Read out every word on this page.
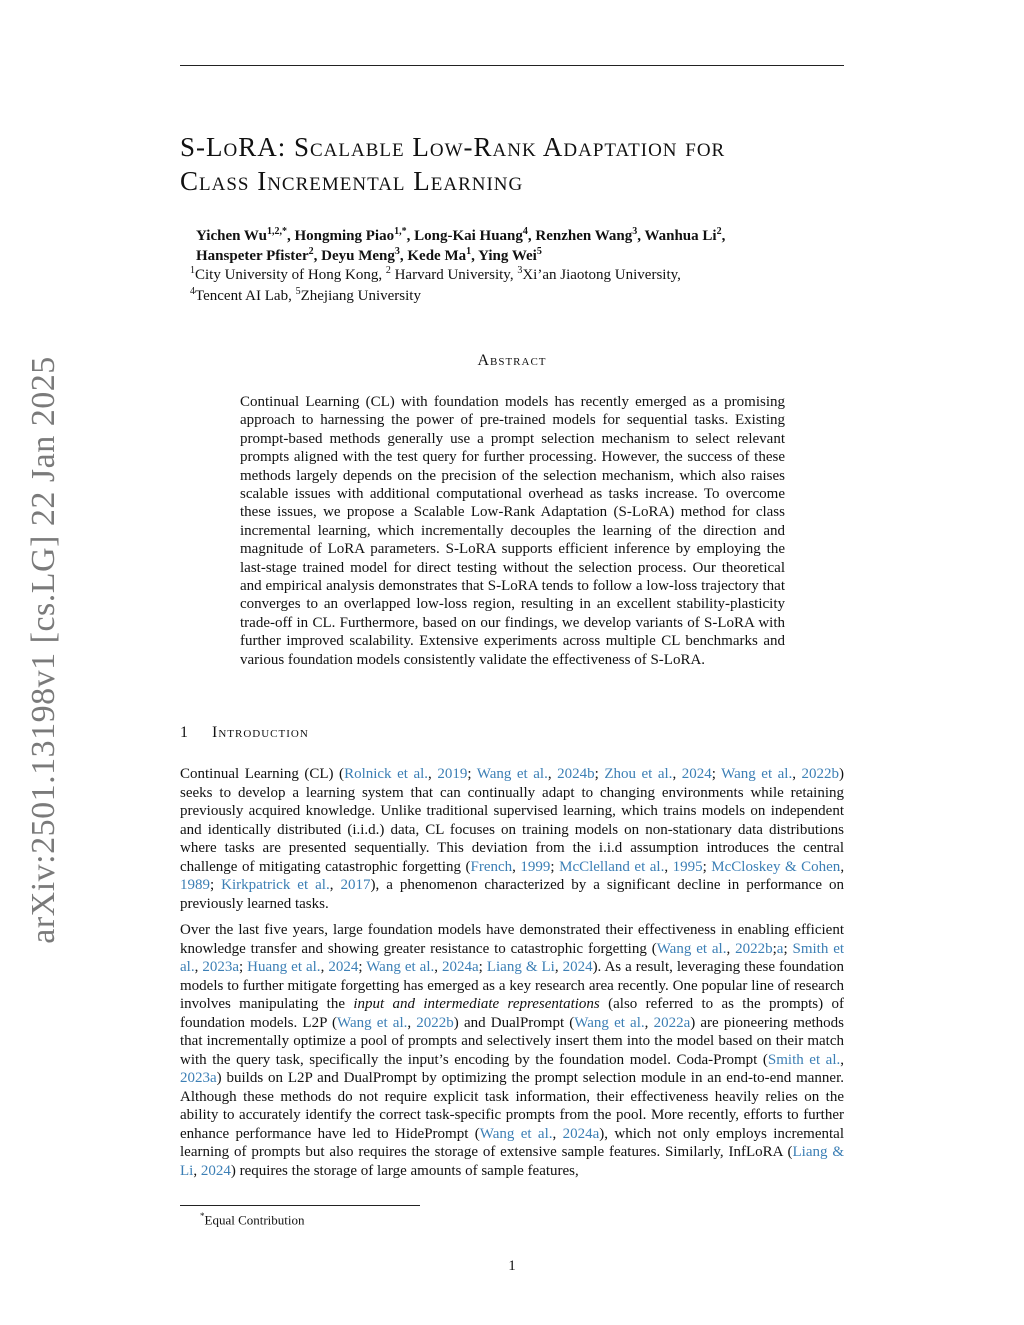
arXiv:2501.13198v1 [cs.LG] 22 Jan 2025
S-LoRA: Scalable Low-Rank Adaptation for
Class Incremental Learning
Yichen $Wu^{1,2,*}$, Hongming Piao$^{1,*}$, Long-Kai Huang$^4$, Renzhen Wang$^3$, Wanhua Li$^2$,
Hanspeter Pfister$^2$, Deyu Meng$^3$, Kede Ma$^1$, Ying Wei$^5$
$^1$City University of Hong Kong, $^2$ Harvard University, $^3$Xi’an Jiaotong University,
$^4$Tencent AI Lab, $^5$Zhejiang University
Abstract
Continual Learning (CL) with foundation models has recently emerged as a promising approach to harnessing the power of pre-trained models for sequential tasks. Existing prompt-based methods generally use a prompt selection mechanism to select relevant prompts aligned with the test query for further processing. However, the success of these methods largely depends on the precision of the selection mechanism, which also raises scalable issues with additional computational overhead as tasks increase. To overcome these issues, we propose a Scalable Low-Rank Adaptation (S-LoRA) method for class incremental learning, which incrementally decouples the learning of the direction and magnitude of LoRA parameters. S-LoRA supports efficient inference by employing the last-stage trained model for direct testing without the selection process. Our theoretical and empirical analysis demonstrates that S-LoRA tends to follow a low-loss trajectory that converges to an overlapped low-loss region, resulting in an excellent stability-plasticity trade-off in CL. Furthermore, based on our findings, we develop variants of S-LoRA with further improved scalability. Extensive experiments across multiple CL benchmarks and various foundation models consistently validate the effectiveness of S-LoRA.
1 Introduction
Continual Learning (CL) (Rolnick et al., 2019; Wang et al., 2024b; Zhou et al., 2024; Wang et al., 2022b) seeks to develop a learning system that can continually adapt to changing environments while retaining previously acquired knowledge. Unlike traditional supervised learning, which trains models on independent and identically distributed (i.i.d.) data, CL focuses on training models on non-stationary data distributions where tasks are presented sequentially. This deviation from the i.i.d assumption introduces the central challenge of mitigating catastrophic forgetting (French, 1999; McClelland et al., 1995; McCloskey & Cohen, 1989; Kirkpatrick et al., 2017), a phenomenon characterized by a significant decline in performance on previously learned tasks.
Over the last five years, large foundation models have demonstrated their effectiveness in enabling efficient knowledge transfer and showing greater resistance to catastrophic forgetting (Wang et al., 2022b;a; Smith et al., 2023a; Huang et al., 2024; Wang et al., 2024a; Liang & Li, 2024). As a result, leveraging these foundation models to further mitigate forgetting has emerged as a key research area recently. One popular line of research involves manipulating the input and intermediate representations (also referred to as the prompts) of foundation models. L2P (Wang et al., 2022b) and DualPrompt (Wang et al., 2022a) are pioneering methods that incrementally optimize a pool of prompts and selectively insert them into the model based on their match with the query task, specifically the input’s encoding by the foundation model. Coda-Prompt (Smith et al., 2023a) builds on L2P and DualPrompt by optimizing the prompt selection module in an end-to-end manner. Although these methods do not require explicit task information, their effectiveness heavily relies on the ability to accurately identify the correct task-specific prompts from the pool. More recently, efforts to further enhance performance have led to HidePrompt (Wang et al., 2024a), which not only employs incremental learning of prompts but also requires the storage of extensive sample features. Similarly, InfLoRA (Liang & Li, 2024) requires the storage of large amounts of sample features,
*Equal Contribution
1
